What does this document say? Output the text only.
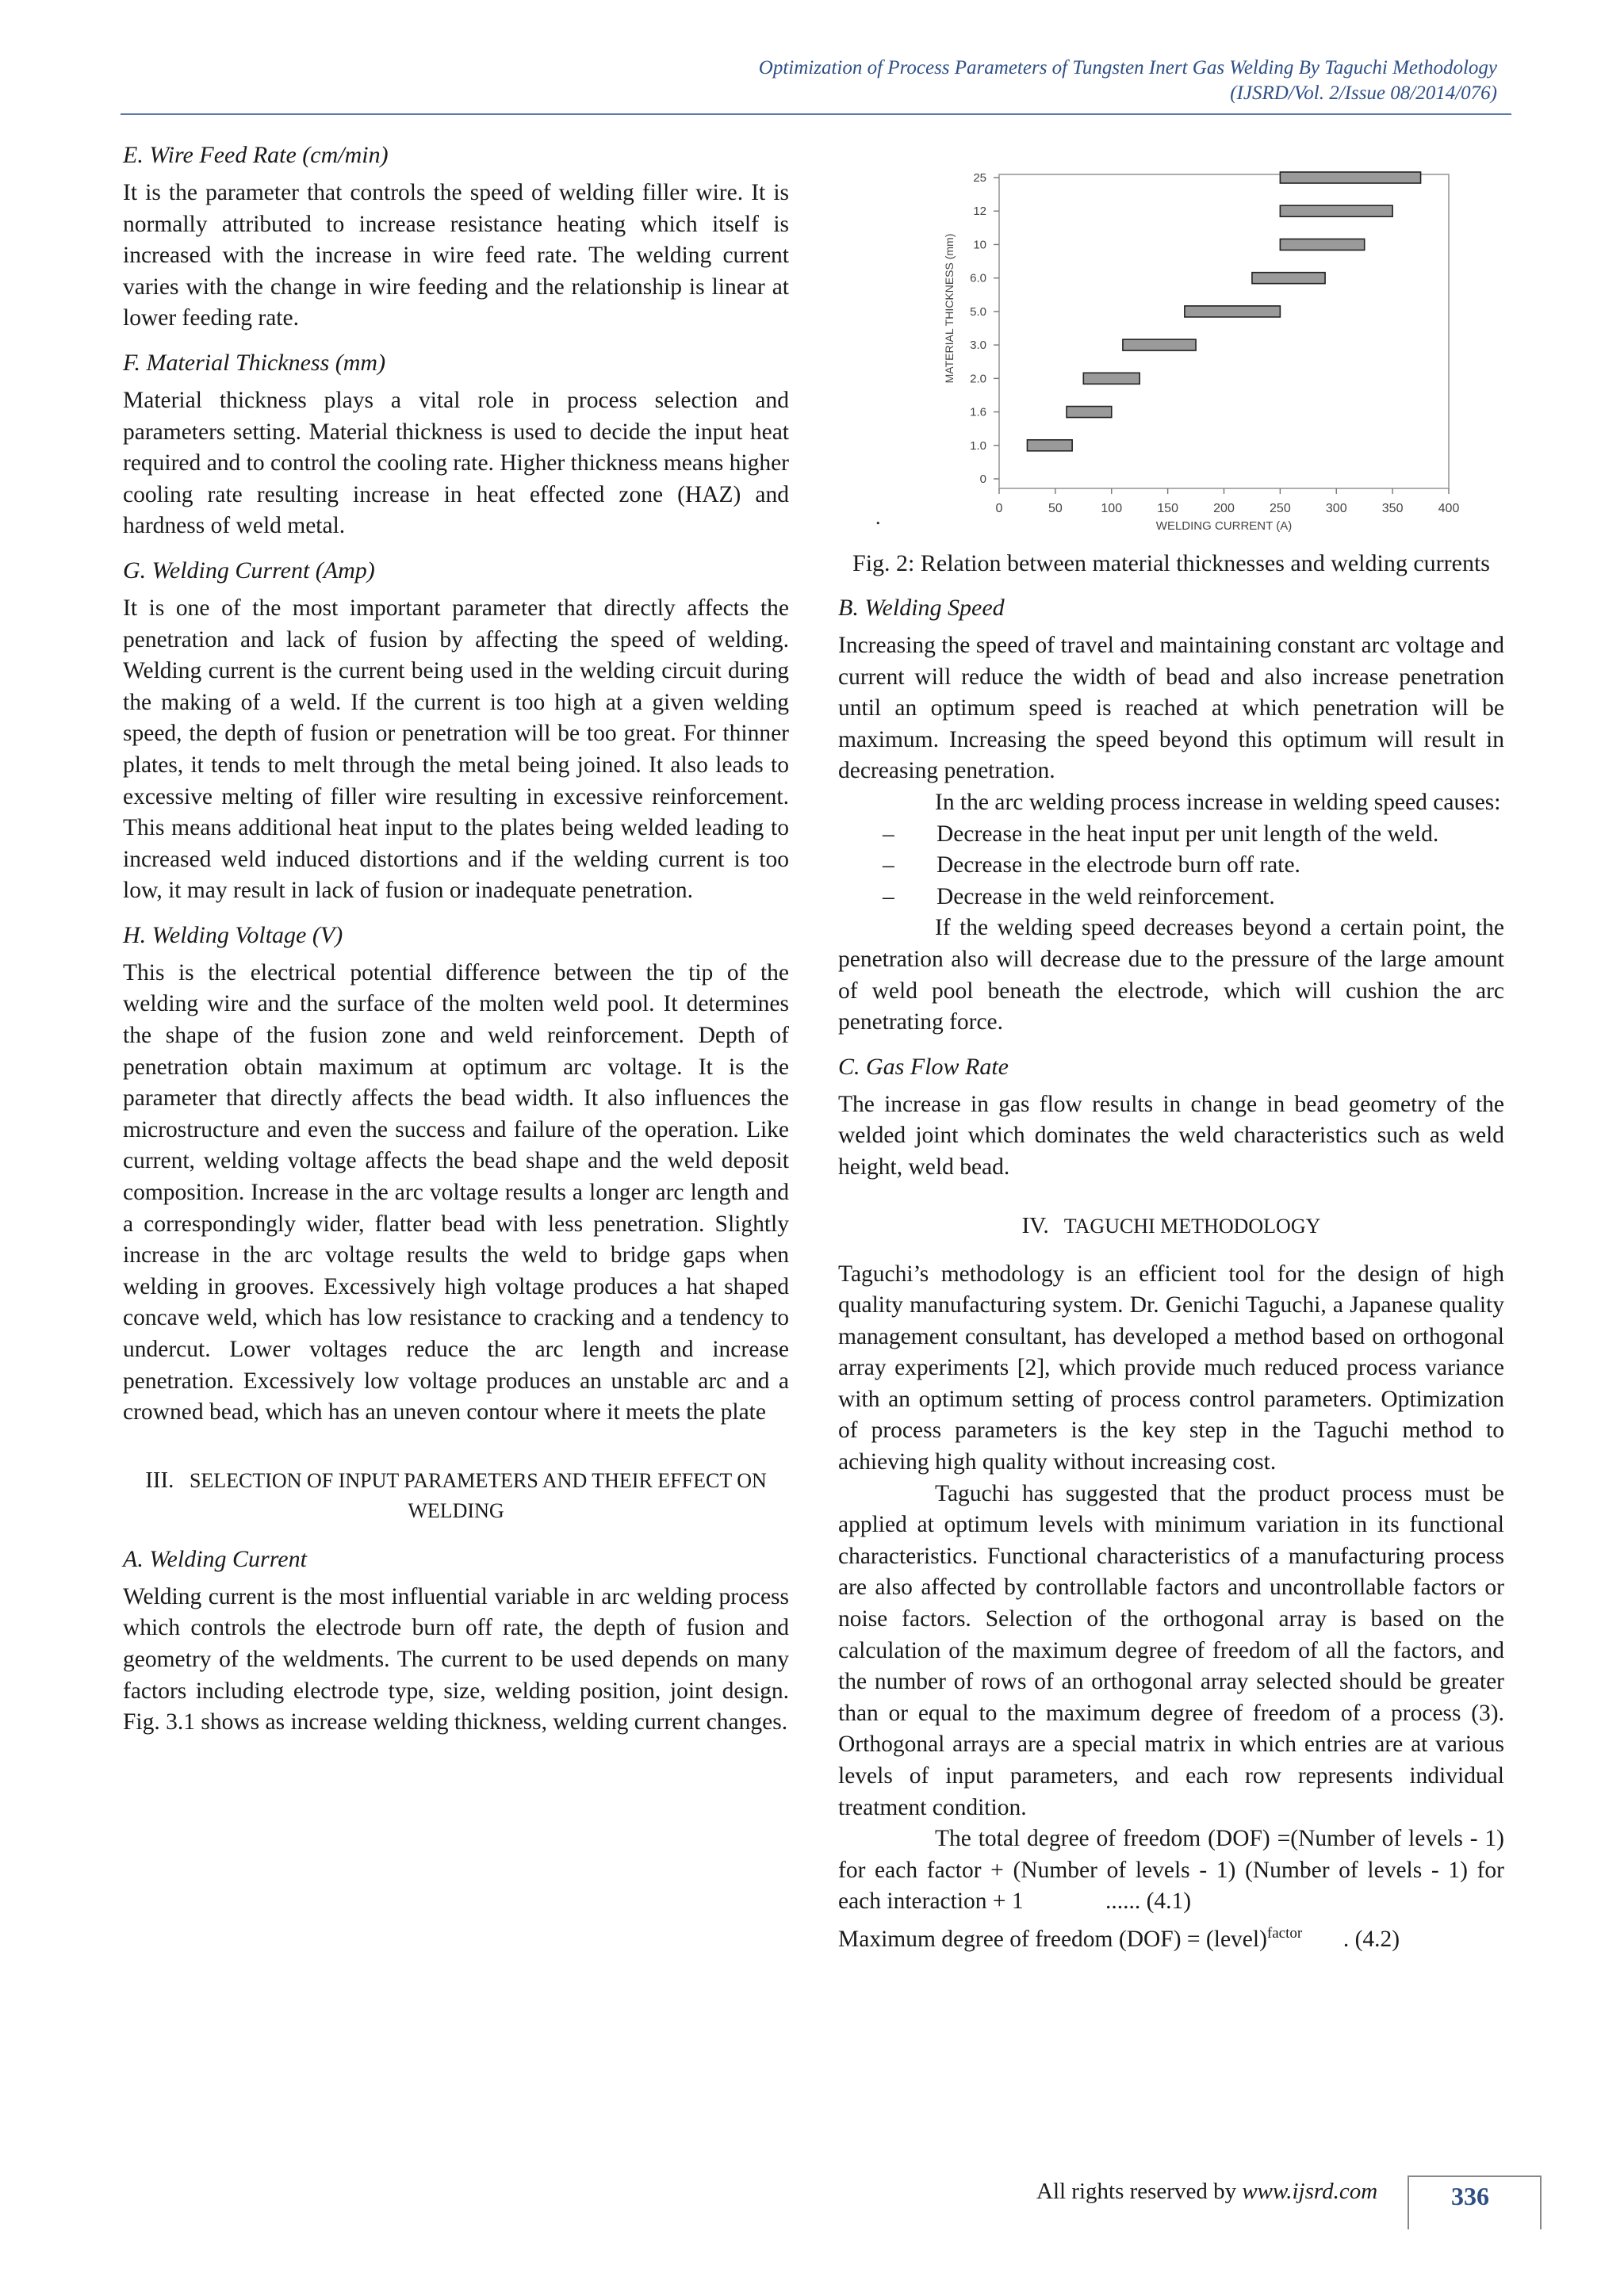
Optimization of Process Parameters of Tungsten Inert Gas Welding By Taguchi Methodology
(IJSRD/Vol. 2/Issue 08/2014/076)
E. Wire Feed Rate (cm/min)

It is the parameter that controls the speed of welding filler wire. It is normally attributed to increase resistance heating which itself is increased with the increase in wire feed rate. The welding current varies with the change in wire feeding and the relationship is linear at lower feeding rate.

F. Material Thickness (mm)

Material thickness plays a vital role in process selection and parameters setting. Material thickness is used to decide the input heat required and to control the cooling rate. Higher thickness means higher cooling rate resulting increase in heat effected zone (HAZ) and hardness of weld metal.

G. Welding Current (Amp)

It is one of the most important parameter that directly affects the penetration and lack of fusion by affecting the speed of welding. Welding current is the current being used in the welding circuit during the making of a weld. If the current is too high at a given welding speed, the depth of fusion or penetration will be too great. For thinner plates, it tends to melt through the metal being joined. It also leads to excessive melting of filler wire resulting in excessive reinforcement. This means additional heat input to the plates being welded leading to increased weld induced distortions and if the welding current is too low, it may result in lack of fusion or inadequate penetration.

H. Welding Voltage (V)

This is the electrical potential difference between the tip of the welding wire and the surface of the molten weld pool. It determines the shape of the fusion zone and weld reinforcement. Depth of penetration obtain maximum at optimum arc voltage. It is the parameter that directly affects the bead width. It also influences the microstructure and even the success and failure of the operation. Like current, welding voltage affects the bead shape and the weld deposit composition. Increase in the arc voltage results a longer arc length and a correspondingly wider, flatter bead with less penetration. Slightly increase in the arc voltage results the weld to bridge gaps when welding in grooves. Excessively high voltage produces a hat shaped concave weld, which has low resistance to cracking and a tendency to undercut. Lower voltages reduce the arc length and increase penetration. Excessively low voltage produces an unstable arc and a crowned bead, which has an uneven contour where it meets the plate

III. SELECTION OF INPUT PARAMETERS AND THEIR EFFECT ON WELDING
A. Welding Current

Welding current is the most influential variable in arc welding process which controls the electrode burn off rate, the depth of fusion and geometry of the weldments. The current to be used depends on many factors including electrode type, size, welding position, joint design. Fig. 3.1 shows as increase welding thickness, welding current changes.

0	50	100	150	200	250	300	350	400
0
1.0
1.6
2.0
3.0
5.0
6.0
10
12
25
WELDING CURRENT (A)
MATERIAL THICKNESS (mm)
.
Fig. 2: Relation between material thicknesses and welding currents
B. Welding Speed

Increasing the speed of travel and maintaining constant arc voltage and current will reduce the width of bead and also increase penetration until an optimum speed is reached at which penetration will be maximum. Increasing the speed beyond this optimum will result in decreasing penetration.

In the arc welding process increase in welding speed causes:

– Decrease in the heat input per unit length of the weld.
– Decrease in the electrode burn off rate.
– Decrease in the weld reinforcement.

If the welding speed decreases beyond a certain point, the penetration also will decrease due to the pressure of the large amount of weld pool beneath the electrode, which will cushion the arc penetrating force.

C. Gas Flow Rate

The increase in gas flow results in change in bead geometry of the welded joint which dominates the weld characteristics such as weld height, weld bead.

IV. TAGUCHI METHODOLOGY

Taguchi’s methodology is an efficient tool for the design of high quality manufacturing system. Dr. Genichi Taguchi, a Japanese quality management consultant, has developed a method based on orthogonal array experiments [2], which provide much reduced process variance with an optimum setting of process control parameters. Optimization of process parameters is the key step in the Taguchi method to achieving high quality without increasing cost.

Taguchi has suggested that the product process must be applied at optimum levels with minimum variation in its functional characteristics. Functional characteristics of a manufacturing process are also affected by controllable factors and uncontrollable factors or noise factors. Selection of the orthogonal array is based on the calculation of the maximum degree of freedom of all the factors, and the number of rows of an orthogonal array selected should be greater than or equal to the maximum degree of freedom of a process (3). Orthogonal arrays are a special matrix in which entries are at various levels of input parameters, and each row represents individual treatment condition.

The total degree of freedom (DOF) =(Number of levels - 1) for each factor + (Number of levels - 1) (Number of levels - 1) for each interaction + 1	...... (4.1)

Maximum degree of freedom (DOF) = (level)$^{factor}$ . (4.2)

All rights reserved by www.ijsrd.com	336
